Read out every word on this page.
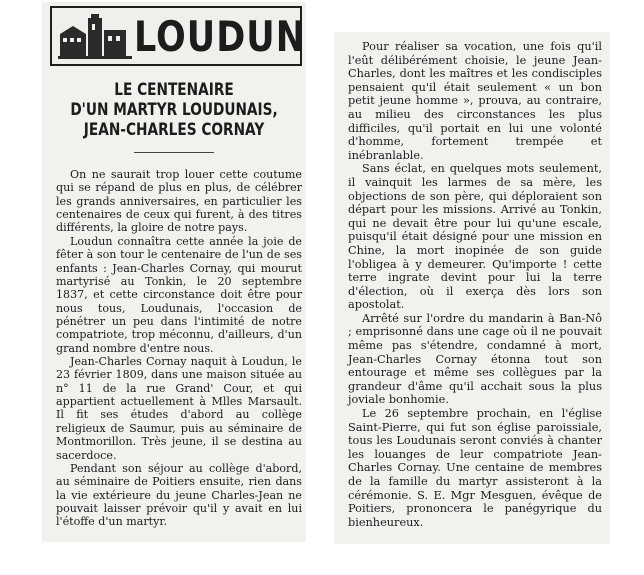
LOUDUN
LE CENTENAIRE
D'UN MARTYR LOUDUNAIS,
JEAN-CHARLES CORNAY

On ne saurait trop louer cette coutume qui se répand de plus en plus, de célébrer les grands anniversaires, en particulier les centenaires de ceux qui furent, à des titres différents, la gloire de notre pays.

Loudun connaîtra cette année la joie de fêter à son tour le centenaire de l'un de ses enfants : Jean-Charles Cornay, qui mourut martyrisé au Tonkin, le 20 septembre 1837, et cette circonstance doit être pour nous tous, Loudunais, l'occasion de pénétrer un peu dans l'intimité de notre compatriote, trop méconnu, d'ailleurs, d'un grand nombre d'entre nous.

Jean-Charles Cornay naquit à Loudun, le 23 février 1809, dans une maison située au n° 11 de la rue Grand' Cour, et qui appartient actuellement à Mlles Marsault. Il fit ses études d'abord au collège religieux de Saumur, puis au séminaire de Montmorillon. Très jeune, il se destina au sacerdoce.

Pendant son séjour au collège d'abord, au séminaire de Poitiers ensuite, rien dans la vie extérieure du jeune Charles-Jean ne pouvait laisser prévoir qu'il y avait en lui l'étoffe d'un martyr.

Pour réaliser sa vocation, une fois qu'il l'eût délibérément choisie, le jeune Jean-Charles, dont les maîtres et les condisciples pensaient qu'il était seulement « un bon petit jeune homme », prouva, au contraire, au milieu des circonstances les plus difficiles, qu'il portait en lui une volonté d'homme, fortement trempée et inébranlable.

Sans éclat, en quelques mots seulement, il vainquit les larmes de sa mère, les objections de son père, qui déploraient son départ pour les missions. Arrivé au Tonkin, qui ne devait être pour lui qu'une escale, puisqu'il était désigné pour une mission en Chine, la mort inopinée de son guide l'obligea à y demeurer. Qu'importe ! cette terre ingrate devint pour lui la terre d'élection, où il exerça dès lors son apostolat.

Arrêté sur l'ordre du mandarin à Ban-Nô ; emprisonné dans une cage où il ne pouvait même pas s'étendre, condamné à mort, Jean-Charles Cornay étonna tout son entourage et même ses collègues par la grandeur d'âme qu'il acchait sous la plus joviale bonhomie.

Le 26 septembre prochain, en l'église Saint-Pierre, qui fut son église paroissiale, tous les Loudunais seront conviés à chanter les louanges de leur compatriote Jean-Charles Cornay. Une centaine de membres de la famille du martyr assisteront à la cérémonie. S. E. Mgr Mesguen, évêque de Poitiers, prononcera le panégyrique du bienheureux.
